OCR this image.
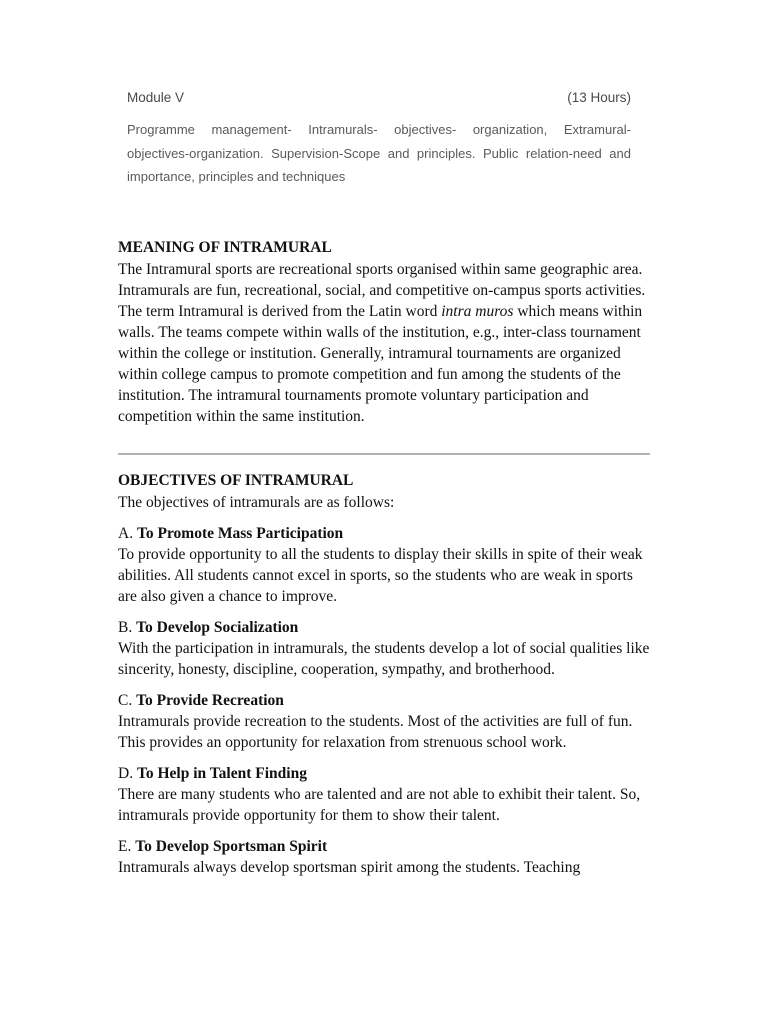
Module V	(13 Hours)

Programme management- Intramurals- objectives- organization, Extramural- objectives-organization. Supervision-Scope and principles. Public relation-need and importance, principles and techniques

MEANING OF INTRAMURAL

The Intramural sports are recreational sports organised within same geographic area. Intramurals are fun, recreational, social, and competitive on-campus sports activities. The term Intramural is derived from the Latin word intra muros which means within walls. The teams compete within walls of the institution, e.g., inter-class tournament within the college or institution. Generally, intramural tournaments are organized within college campus to promote competition and fun among the students of the institution. The intramural tournaments promote voluntary participation and competition within the same institution.

OBJECTIVES OF INTRAMURAL

The objectives of intramurals are as follows:

A. To Promote Mass Participation

To provide opportunity to all the students to display their skills in spite of their weak abilities. All students cannot excel in sports, so the students who are weak in sports are also given a chance to improve.

B. To Develop Socialization

With the participation in intramurals, the students develop a lot of social qualities like sincerity, honesty, discipline, cooperation, sympathy, and brotherhood.

C. To Provide Recreation

Intramurals provide recreation to the students. Most of the activities are full of fun. This provides an opportunity for relaxation from strenuous school work.

D. To Help in Talent Finding

There are many students who are talented and are not able to exhibit their talent. So, intramurals provide opportunity for them to show their talent.

E. To Develop Sportsman Spirit

Intramurals always develop sportsman spirit among the students. Teaching
